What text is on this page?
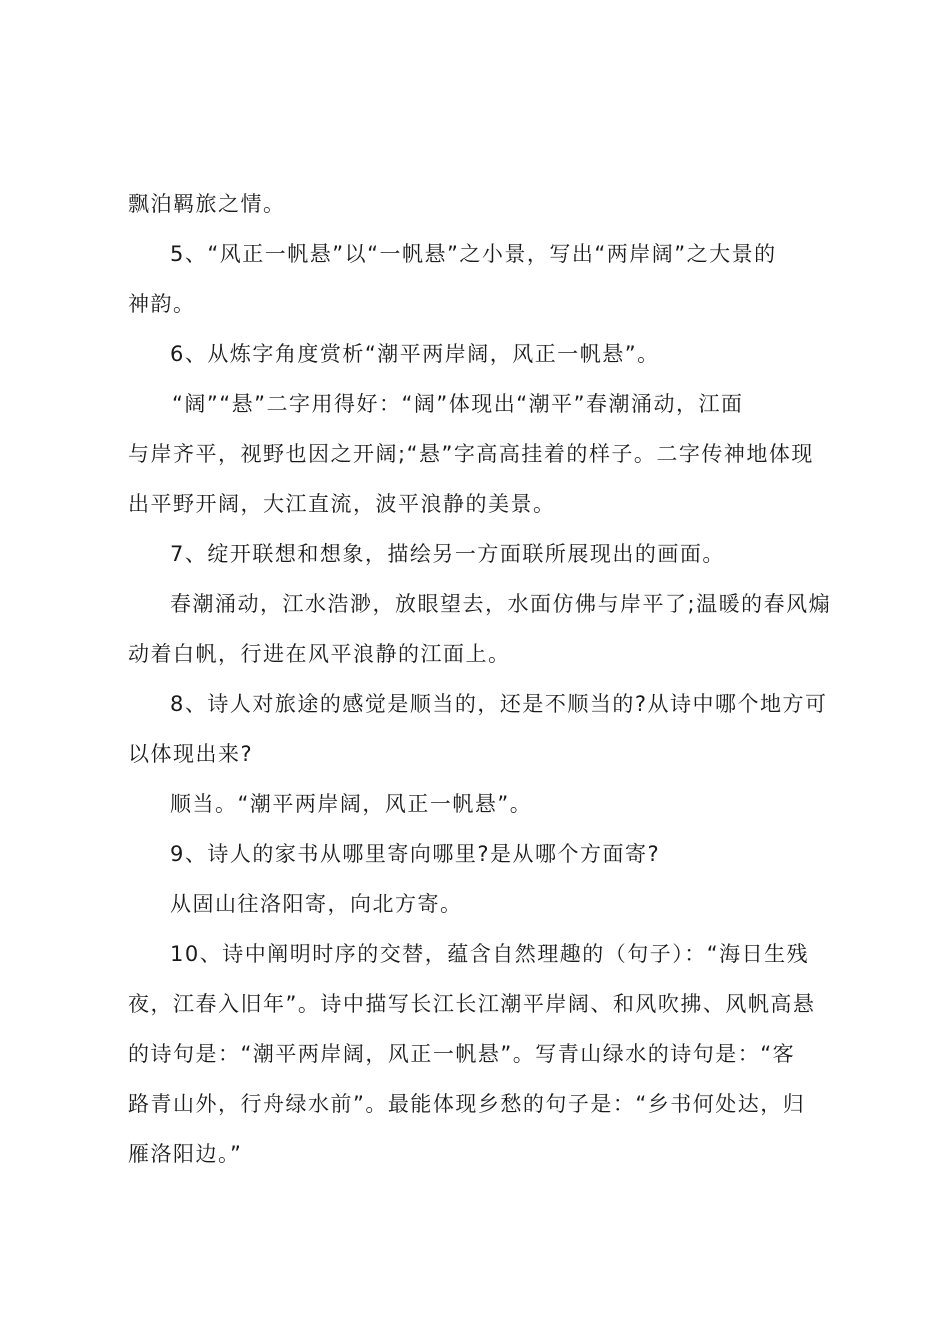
飘泊羁旅之情。
5、“风正一帆悬”以“一帆悬”之小景，写出“两岸阔”之大景的
神韵。
6、从炼字角度赏析“潮平两岸阔，风正一帆悬”。
“阔”“悬”二字用得好：“阔”体现出“潮平”春潮涌动，江面
与岸齐平，视野也因之开阔;“悬”字高高挂着的样子。二字传神地体现
出平野开阔，大江直流，波平浪静的美景。
7、绽开联想和想象，描绘另一方面联所展现出的画面。
春潮涌动，江水浩渺，放眼望去，水面仿佛与岸平了;温暖的春风煽
动着白帆，行进在风平浪静的江面上。
8、诗人对旅途的感觉是顺当的，还是不顺当的?从诗中哪个地方可
以体现出来?
顺当。“潮平两岸阔，风正一帆悬”。
9、诗人的家书从哪里寄向哪里?是从哪个方面寄?
从固山往洛阳寄，向北方寄。
10、诗中阐明时序的交替，蕴含自然理趣的（句子）：“海日生残
夜，江春入旧年”。诗中描写长江长江潮平岸阔、和风吹拂、风帆高悬
的诗句是：“潮平两岸阔，风正一帆悬”。写青山绿水的诗句是：“客
路青山外，行舟绿水前”。最能体现乡愁的句子是：“乡书何处达，归
雁洛阳边。”
